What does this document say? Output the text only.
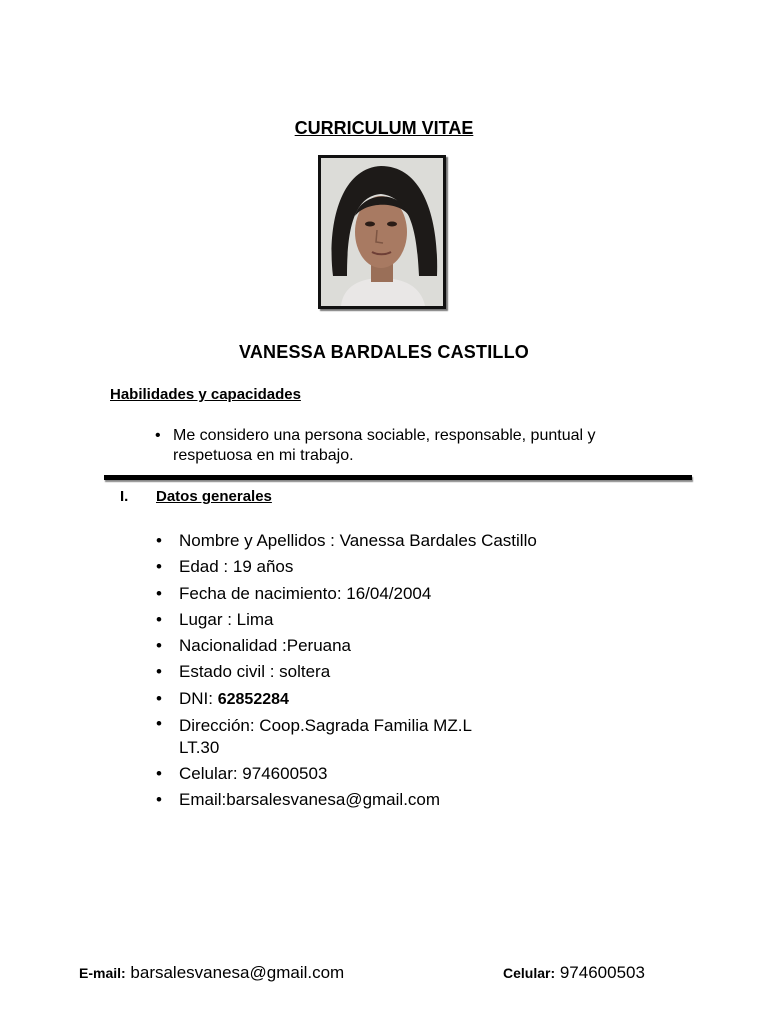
CURRICULUM VITAE
VANESSA BARDALES CASTILLO
Habilidades y capacidades
• Me considero una persona sociable, responsable, puntual y
respetuosa en mi trabajo.
I. Datos generales
• Nombre y Apellidos : Vanessa Bardales Castillo
• Edad : 19 años
• Fecha de nacimiento: 16/04/2004
• Lugar : Lima
• Nacionalidad :Peruana
• Estado civil : soltera
• DNI: 62852284
• Dirección: Coop.Sagrada Familia MZ.L
LT.30
• Celular: 974600503
• Email:barsalesvanesa@gmail.com
E-mail: barsalesvanesa@gmail.com	Celular: 974600503
